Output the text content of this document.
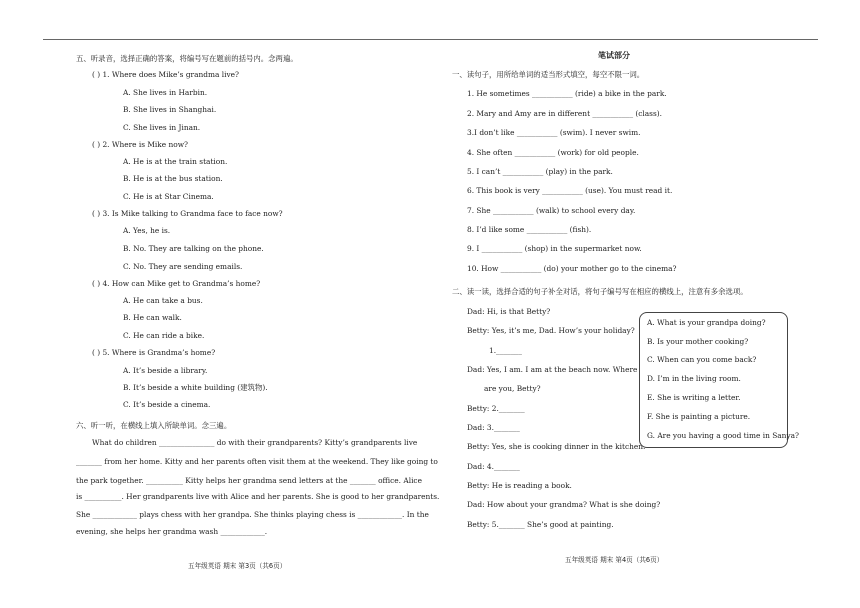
五、听录音，选择正确的答案，将编号写在题前的括号内。念两遍。
( ) 1. Where does Mike’s grandma live?
A. She lives in Harbin.
B. She lives in Shanghai.
C. She lives in Jinan.
( ) 2. Where is Mike now?
A. He is at the train station.
B. He is at the bus station.
C. He is at Star Cinema.
( ) 3. Is Mike talking to Grandma face to face now?
A. Yes, he is.
B. No. They are talking on the phone.
C. No. They are sending emails.
( ) 4. How can Mike get to Grandma’s home?
A. He can take a bus.
B. He can walk.
C. He can ride a bike.
( ) 5. Where is Grandma’s home?
A. It’s beside a library.
B. It’s beside a white building (建筑物).
C. It’s beside a cinema.
六、听一听，在横线上填入所缺单词。念三遍。
What do children _______________ do with their grandparents? Kitty’s grandparents live
_______ from her home. Kitty and her parents often visit them at the weekend. They like going to
the park together. __________ Kitty helps her grandma send letters at the _______ office. Alice
is __________. Her grandparents live with Alice and her parents. She is good to her grandparents.
She ____________ plays chess with her grandpa. She thinks playing chess is ____________. In the
evening, she helps her grandma wash ____________.
五年级英语 期末 第3页（共6页）
笔试部分
一、读句子，用所给单词的适当形式填空，每空不限一词。
1. He sometimes ___________ (ride) a bike in the park.
2. Mary and Amy are in different ___________ (class).
3.I don’t like ___________ (swim). I never swim.
4. She often ___________ (work) for old people.
5. I can’t ___________ (play) in the park.
6. This book is very ___________ (use). You must read it.
7. She ___________ (walk) to school every day.
8. I’d like some ___________ (fish).
9. I ___________ (shop) in the supermarket now.
10. How ___________ (do) your mother go to the cinema?
二、读一读，选择合适的句子补全对话，将句子编号写在相应的横线上，注意有多余选项。
Dad: Hi, is that Betty?
Betty: Yes, it’s me, Dad. How’s your holiday?
1._______
Dad: Yes, I am. I am at the beach now. Where
are you, Betty?
Betty: 2._______
Dad: 3._______
Betty: Yes, she is cooking dinner in the kitchen.
Dad: 4._______
Betty: He is reading a book.
Dad: How about your grandma? What is she doing?
Betty: 5._______ She’s good at painting.
A. What is your grandpa doing?
B. Is your mother cooking?
C. When can you come back?
D. I’m in the living room.
E. She is writing a letter.
F. She is painting a picture.
G. Are you having a good time in Sanya?
五年级英语 期末 第4页（共6页）
